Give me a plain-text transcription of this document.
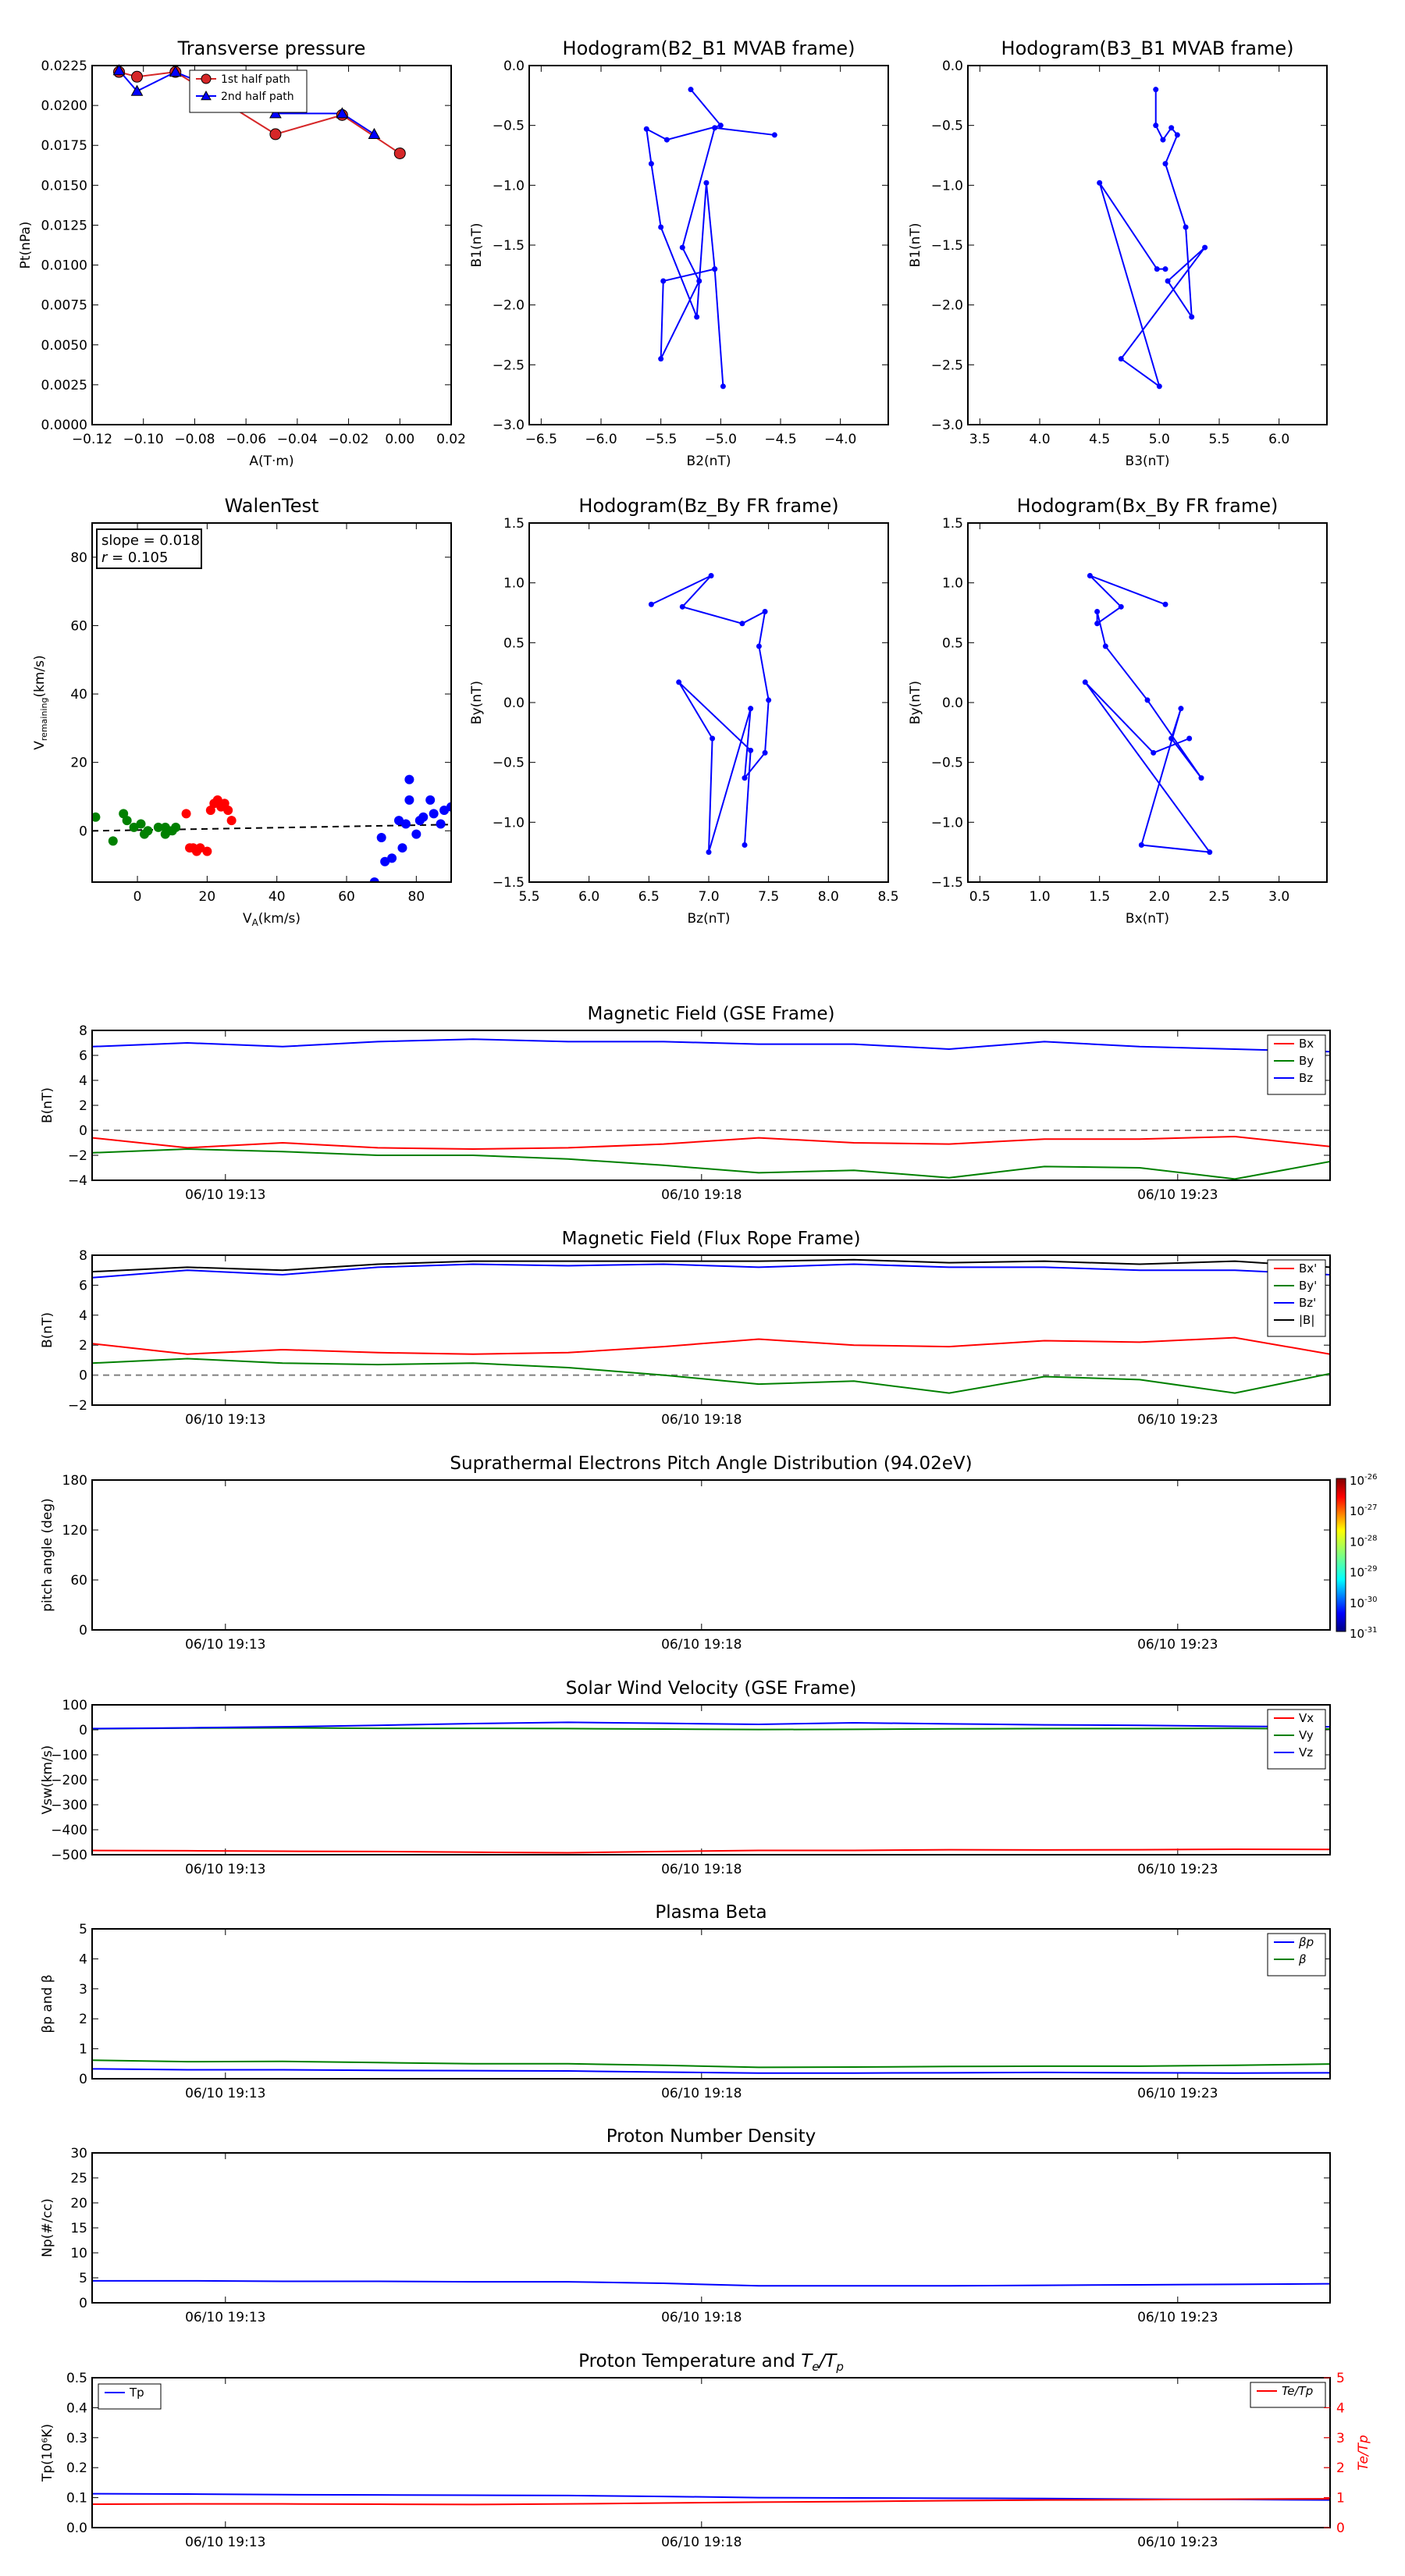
Transverse pressure
0.0000
0.0025
0.0050
0.0075
0.0100
0.0125
0.0150
0.0175
0.0200
0.0225
−0.12 −0.10 −0.08 −0.06 −0.04 −0.02 0.00 0.02
A(T·m)
Pt(nPa)
1st half path
2nd half path
Hodogram(B2_B1 MVAB frame)
−3.0
−2.5
−2.0
−1.5
−1.0
−0.5
0.0
−6.5 −6.0 −5.5 −5.0 −4.5 −4.0
B2(nT)
B1(nT)
Hodogram(B3_B1 MVAB frame)
−3.0
−2.5
−2.0
−1.5
−1.0
−0.5
0.0
3.5	4.0	4.5	5.0	5.5	6.0
B3(nT)
B1(nT)
WalenTest
0
20
40
60
80
0	20	40	60	80
$V_A(km/s)$
$V_{remaining}(km/s)$
slope = 0.018
r = 0.105
Hodogram(Bz_By FR frame)
−1.5
−1.0
−0.5
0.0
0.5
1.0
1.5
5.5	6.0	6.5	7.0	7.5	8.0	8.5
Bz(nT)
By(nT)
Hodogram(Bx_By FR frame)
−1.5
−1.0
−0.5
0.0
0.5
1.0
1.5
0.5	1.0	1.5	2.0	2.5	3.0
Bx(nT)
By(nT)
Magnetic Field (GSE Frame)
−4
−2
0
2
4
6
8
06/10 19:13	06/10 19:18	06/10 19:23
B(nT)
Bx
By
Bz
Magnetic Field (Flux Rope Frame)
−2
0
2
4
6
8
06/10 19:13	06/10 19:18	06/10 19:23
B(nT)
Bx'
By'
Bz'
|B|
Suprathermal Electrons Pitch Angle Distribution (94.02eV)
0
60
120
180
06/10 19:13	06/10 19:18	06/10 19:23
pitch angle (deg)
$10^{-26}$
$10^{-27}$
$10^{-28}$
$10^{-29}$
$10^{-30}$
$10^{-31}$
Solar Wind Velocity (GSE Frame)
−500
−400
−300
−200
−100
0
100
06/10 19:13	06/10 19:18	06/10 19:23
Vsw(km/s)
Vx
Vy
Vz
Plasma Beta
0
1
2
3
4
5
06/10 19:13	06/10 19:18	06/10 19:23
βp and β
βp
β
Proton Number Density
0
5
10
15
20
25
30
06/10 19:13	06/10 19:18	06/10 19:23
Np(#/cc)
Proton Temperature and $T_e/T_p$
0.0
0.1
0.2
0.3
0.4
0.5
06/10 19:13	06/10 19:18	06/10 19:23
Tp(10⁶K)
Tp	Te/Tp
0
1
2
3
4
5
Te/Tp
